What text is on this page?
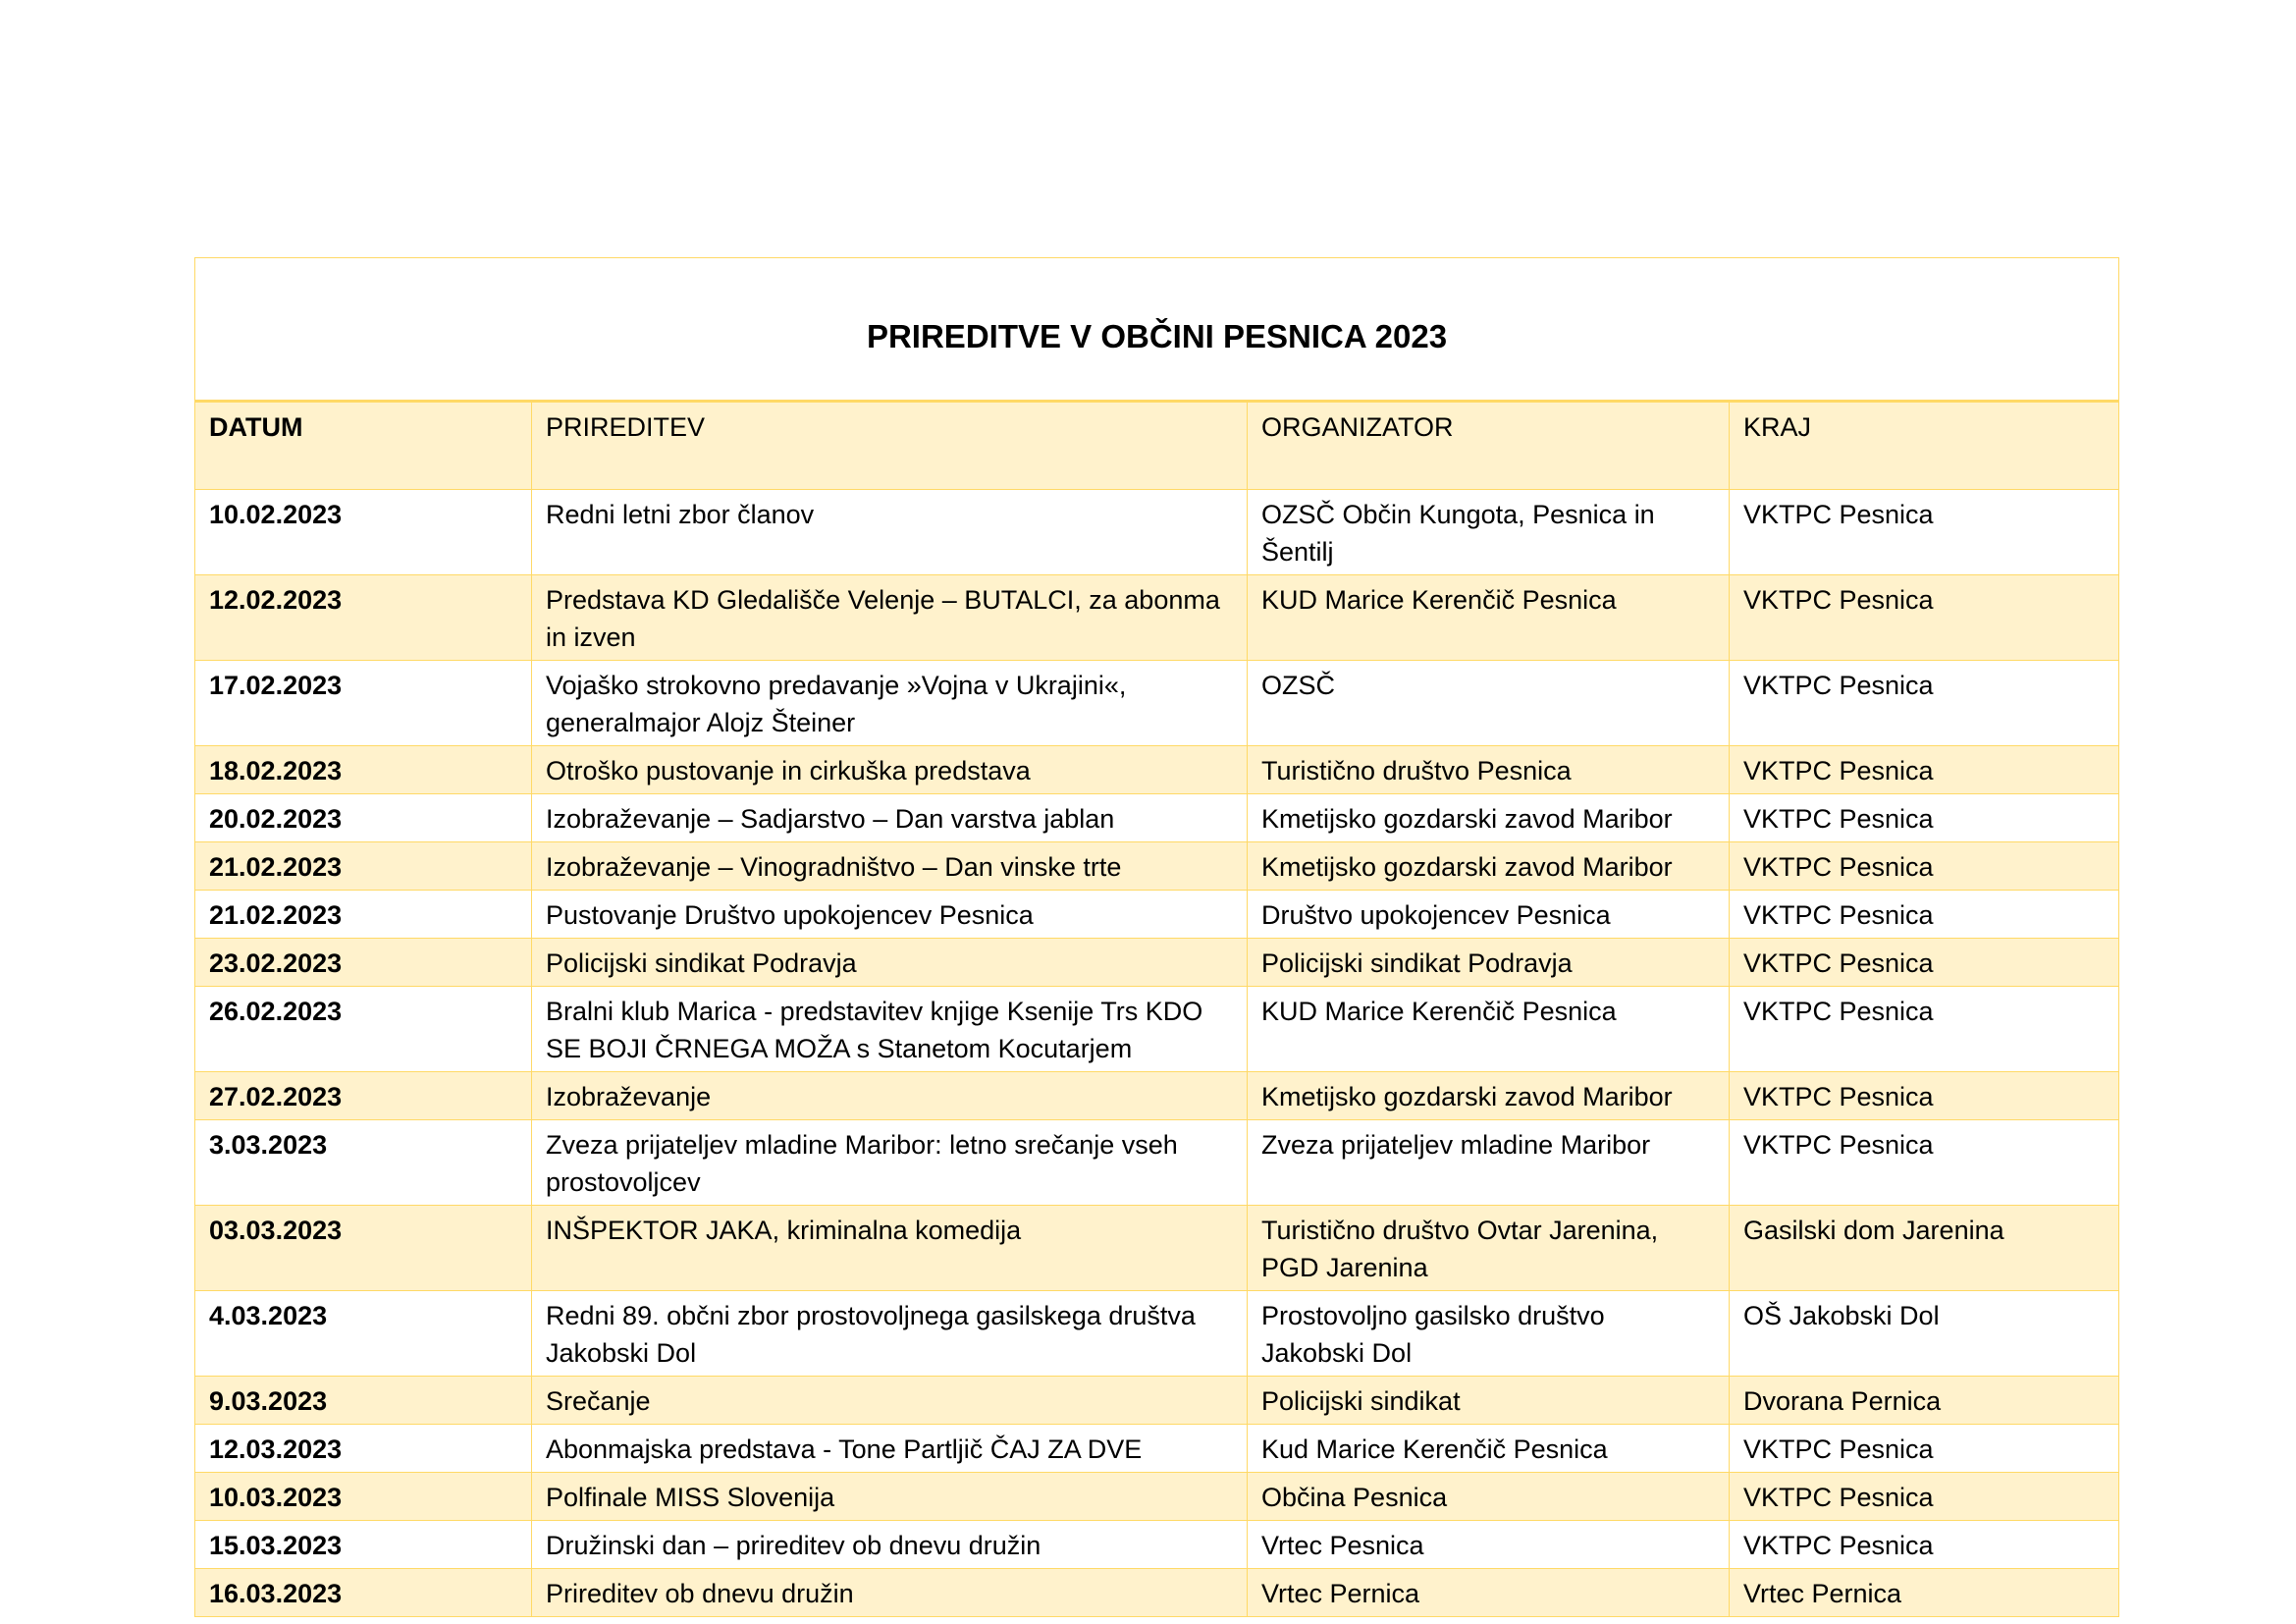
PRIREDITVE V OBČINI PESNICA 2023			
DATUM	PRIREDITEV	ORGANIZATOR	KRAJ
10.02.2023	Redni letni zbor članov	OZSČ Občin Kungota, Pesnica in Šentilj	VKTPC Pesnica
12.02.2023	Predstava KD Gledališče Velenje – BUTALCI, za abonma in izven	KUD Marice Kerenčič Pesnica	VKTPC Pesnica
17.02.2023	Vojaško strokovno predavanje »Vojna v Ukrajini«, generalmajor Alojz Šteiner	OZSČ	VKTPC Pesnica
18.02.2023	Otroško pustovanje in cirkuška predstava	Turistično društvo Pesnica	VKTPC Pesnica
20.02.2023	Izobraževanje – Sadjarstvo – Dan varstva jablan	Kmetijsko gozdarski zavod Maribor	VKTPC Pesnica
21.02.2023	Izobraževanje – Vinogradništvo – Dan vinske trte	Kmetijsko gozdarski zavod Maribor	VKTPC Pesnica
21.02.2023	Pustovanje Društvo upokojencev Pesnica	Društvo upokojencev Pesnica	VKTPC Pesnica
23.02.2023	Policijski sindikat Podravja	Policijski sindikat Podravja	VKTPC Pesnica
26.02.2023	Bralni klub Marica - predstavitev knjige Ksenije Trs KDO SE BOJI ČRNEGA MOŽA s Stanetom Kocutarjem	KUD Marice Kerenčič Pesnica	VKTPC Pesnica
27.02.2023	Izobraževanje	Kmetijsko gozdarski zavod Maribor	VKTPC Pesnica
3.03.2023	Zveza prijateljev mladine Maribor: letno srečanje vseh prostovoljcev	Zveza prijateljev mladine Maribor	VKTPC Pesnica
03.03.2023	INŠPEKTOR JAKA, kriminalna komedija	Turistično društvo Ovtar Jarenina, PGD Jarenina	Gasilski dom Jarenina
4.03.2023	Redni 89. občni zbor prostovoljnega gasilskega društva Jakobski Dol	Prostovoljno gasilsko društvo Jakobski Dol	OŠ Jakobski Dol
9.03.2023	Srečanje	Policijski sindikat	Dvorana Pernica
12.03.2023	Abonmajska predstava - Tone Partljič ČAJ ZA DVE	Kud Marice Kerenčič Pesnica	VKTPC Pesnica
10.03.2023	Polfinale MISS Slovenija	Občina Pesnica	VKTPC Pesnica
15.03.2023	Družinski dan – prireditev ob dnevu družin	Vrtec Pesnica	VKTPC Pesnica
16.03.2023	Prireditev ob dnevu družin	Vrtec Pernica	Vrtec Pernica
